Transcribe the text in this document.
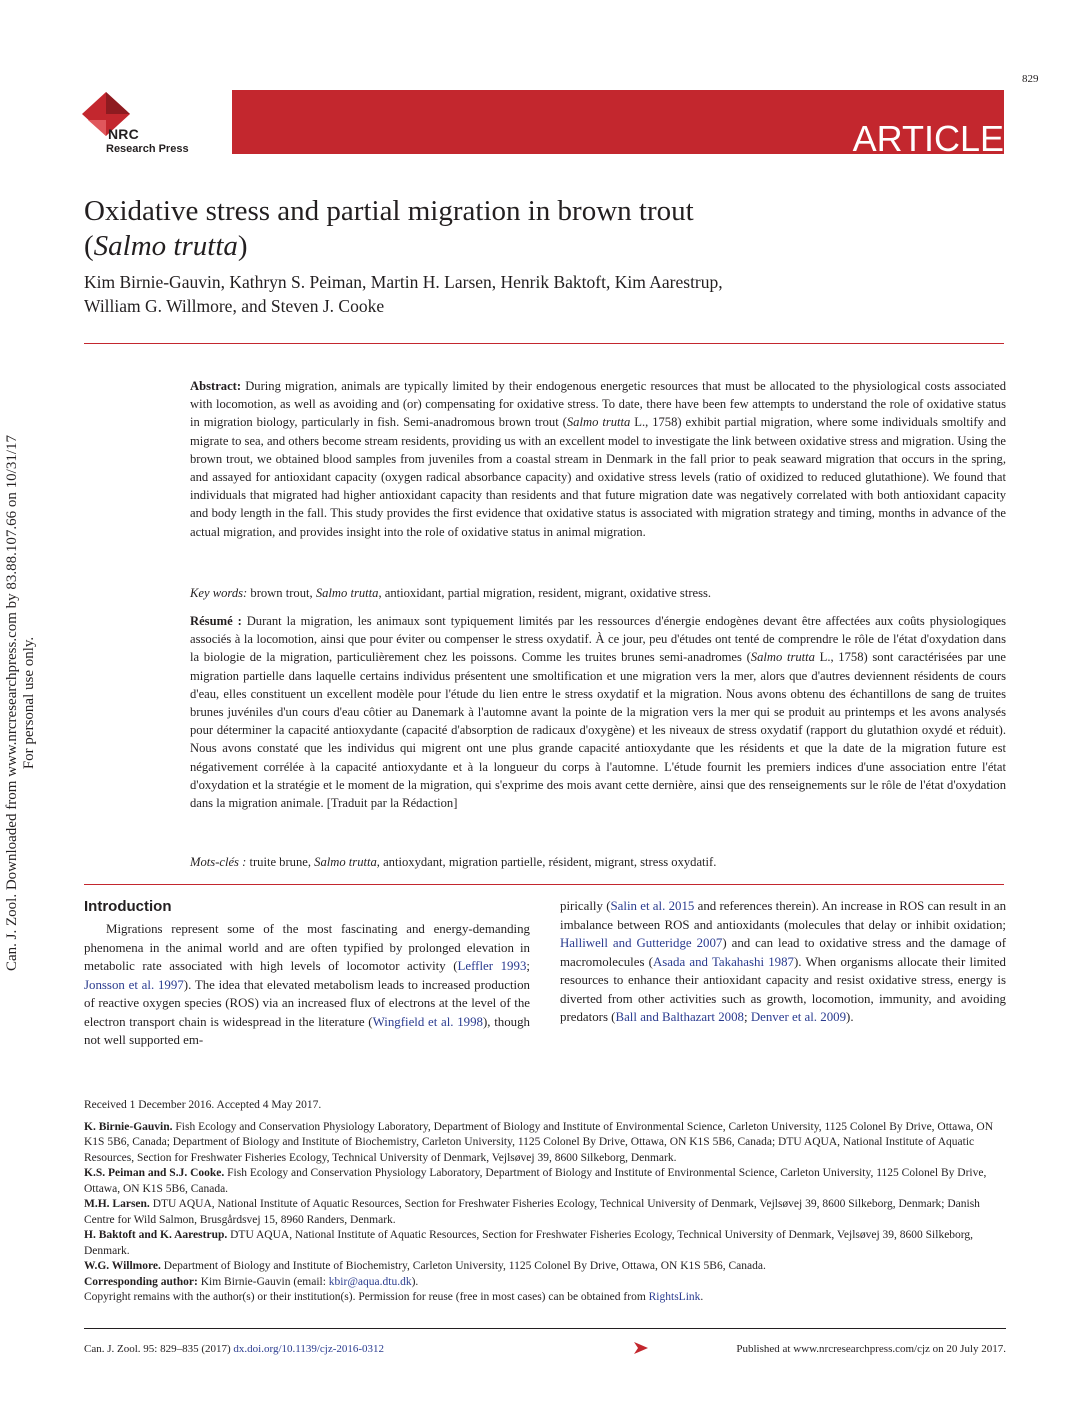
829
NRC
Research Press	ARTICLE
Oxidative stress and partial migration in brown trout
(Salmo trutta)
Kim Birnie-Gauvin, Kathryn S. Peiman, Martin H. Larsen, Henrik Baktoft, Kim Aarestrup,
William G. Willmore, and Steven J. Cooke
Abstract: During migration, animals are typically limited by their endogenous energetic resources that must be allocated to the physiological costs associated with locomotion, as well as avoiding and (or) compensating for oxidative stress. To date, there have been few attempts to understand the role of oxidative status in migration biology, particularly in fish. Semi-anadromous brown trout (Salmo trutta L., 1758) exhibit partial migration, where some individuals smoltify and migrate to sea, and others become stream residents, providing us with an excellent model to investigate the link between oxidative stress and migration. Using the brown trout, we obtained blood samples from juveniles from a coastal stream in Denmark in the fall prior to peak seaward migration that occurs in the spring, and assayed for antioxidant capacity (oxygen radical absorbance capacity) and oxidative stress levels (ratio of oxidized to reduced glutathione). We found that individuals that migrated had higher antioxidant capacity than residents and that future migration date was negatively correlated with both antioxidant capacity and body length in the fall. This study provides the first evidence that oxidative status is associated with migration strategy and timing, months in advance of the actual migration, and provides insight into the role of oxidative status in animal migration.
Key words: brown trout, Salmo trutta, antioxidant, partial migration, resident, migrant, oxidative stress.
Résumé : Durant la migration, les animaux sont typiquement limités par les ressources d'énergie endogènes devant être affectées aux coûts physiologiques associés à la locomotion, ainsi que pour éviter ou compenser le stress oxydatif. À ce jour, peu d'études ont tenté de comprendre le rôle de l'état d'oxydation dans la biologie de la migration, particulièrement chez les poissons. Comme les truites brunes semi-anadromes (Salmo trutta L., 1758) sont caractérisées par une migration partielle dans laquelle certains individus présentent une smoltification et une migration vers la mer, alors que d'autres deviennent résidents de cours d'eau, elles constituent un excellent modèle pour l'étude du lien entre le stress oxydatif et la migration. Nous avons obtenu des échantillons de sang de truites brunes juvéniles d'un cours d'eau côtier au Danemark à l'automne avant la pointe de la migration vers la mer qui se produit au printemps et les avons analysés pour déterminer la capacité antioxydante (capacité d'absorption de radicaux d'oxygène) et les niveaux de stress oxydatif (rapport du glutathion oxydé et réduit). Nous avons constaté que les individus qui migrent ont une plus grande capacité antioxydante que les résidents et que la date de la migration future est négativement corrélée à la capacité antioxydante et à la longueur du corps à l'automne. L'étude fournit les premiers indices d'une association entre l'état d'oxydation et la stratégie et le moment de la migration, qui s'exprime des mois avant cette dernière, ainsi que des renseignements sur le rôle de l'état d'oxydation dans la migration animale. [Traduit par la Rédaction]
Mots-clés : truite brune, Salmo trutta, antioxydant, migration partielle, résident, migrant, stress oxydatif.
Introduction
Migrations represent some of the most fascinating and energy-demanding phenomena in the animal world and are often typified by prolonged elevation in metabolic rate associated with high levels of locomotor activity (Leffler 1993; Jonsson et al. 1997). The idea that elevated metabolism leads to increased production of reactive oxygen species (ROS) via an increased flux of electrons at the level of the electron transport chain is widespread in the literature (Wingfield et al. 1998), though not well supported em-
pirically (Salin et al. 2015 and references therein). An increase in ROS can result in an imbalance between ROS and antioxidants (molecules that delay or inhibit oxidation; Halliwell and Gutteridge 2007) and can lead to oxidative stress and the damage of macromolecules (Asada and Takahashi 1987). When organisms allocate their limited resources to enhance their antioxidant capacity and resist oxidative stress, energy is diverted from other activities such as growth, locomotion, immunity, and avoiding predators (Ball and Balthazart 2008; Denver et al. 2009).

Received 1 December 2016. Accepted 4 May 2017.

K. Birnie-Gauvin. Fish Ecology and Conservation Physiology Laboratory, Department of Biology and Institute of Environmental Science, Carleton University, 1125 Colonel By Drive, Ottawa, ON K1S 5B6, Canada; Department of Biology and Institute of Biochemistry, Carleton University, 1125 Colonel By Drive, Ottawa, ON K1S 5B6, Canada; DTU AQUA, National Institute of Aquatic Resources, Section for Freshwater Fisheries Ecology, Technical University of Denmark, Vejlsøvej 39, 8600 Silkeborg, Denmark.

K.S. Peiman and S.J. Cooke. Fish Ecology and Conservation Physiology Laboratory, Department of Biology and Institute of Environmental Science, Carleton University, 1125 Colonel By Drive, Ottawa, ON K1S 5B6, Canada.

M.H. Larsen. DTU AQUA, National Institute of Aquatic Resources, Section for Freshwater Fisheries Ecology, Technical University of Denmark, Vejlsøvej 39, 8600 Silkeborg, Denmark; Danish Centre for Wild Salmon, Brusgårdsvej 15, 8960 Randers, Denmark.

H. Baktoft and K. Aarestrup. DTU AQUA, National Institute of Aquatic Resources, Section for Freshwater Fisheries Ecology, Technical University of Denmark, Vejlsøvej 39, 8600 Silkeborg, Denmark.

W.G. Willmore. Department of Biology and Institute of Biochemistry, Carleton University, 1125 Colonel By Drive, Ottawa, ON K1S 5B6, Canada.

Corresponding author: Kim Birnie-Gauvin (email: kbir@aqua.dtu.dk).

Copyright remains with the author(s) or their institution(s). Permission for reuse (free in most cases) can be obtained from RightsLink.

Can. J. Zool. 95: 829–835 (2017) dx.doi.org/10.1139/cjz-2016-0312	Published at www.nrcresearchpress.com/cjz on 20 July 2017.
Can. J. Zool. Downloaded from www.nrcresearchpress.com by 83.88.107.66 on 10/31/17
For personal use only.
